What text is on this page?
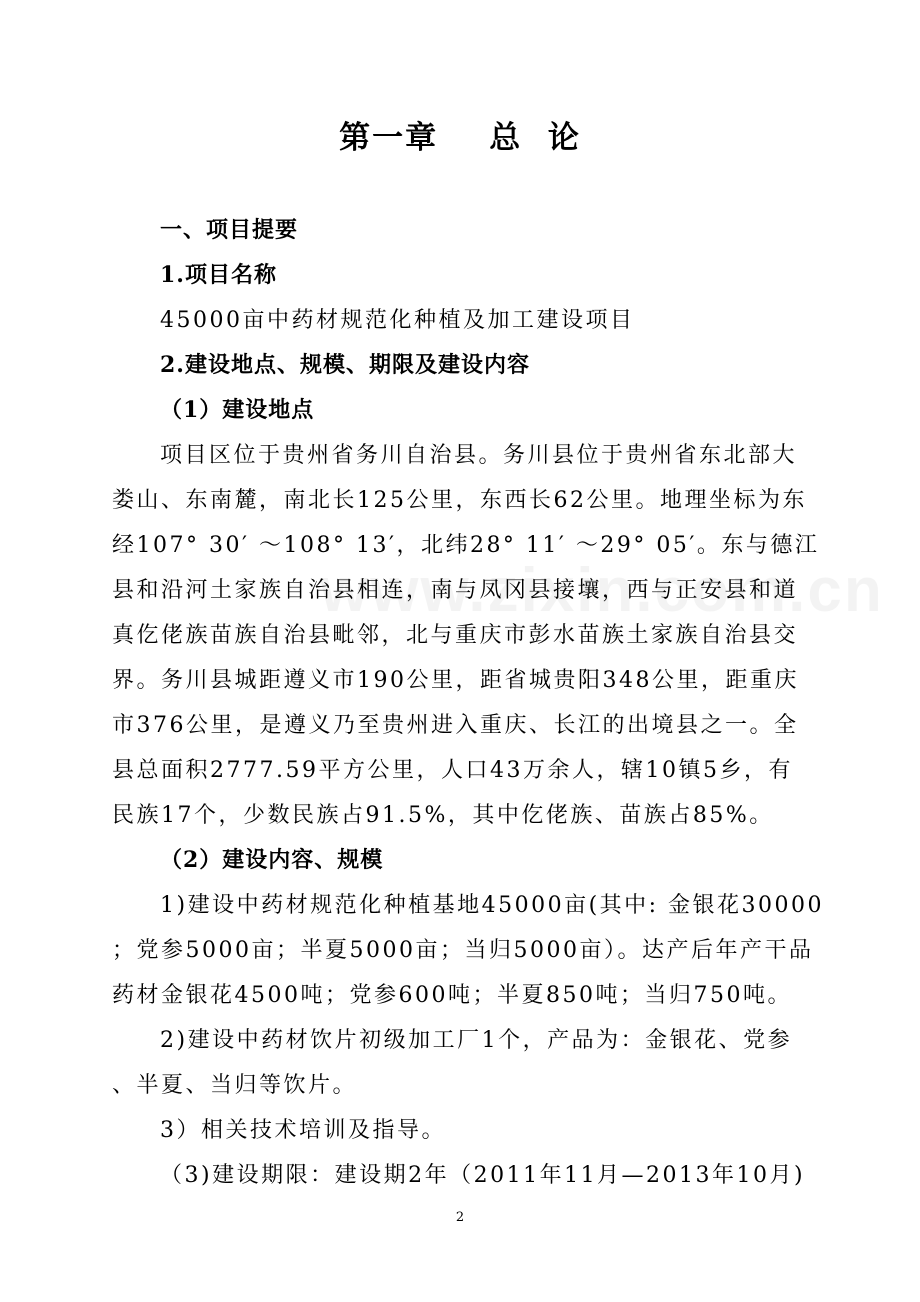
第一章    总  论
一、项目提要
1.项目名称
45000亩中药材规范化种植及加工建设项目
2.建设地点、规模、期限及建设内容
（1）建设地点
项目区位于贵州省务川自治县。务川县位于贵州省东北部大
娄山、东南麓，南北长125公里，东西长62公里。地理坐标为东
经107° 30′ ～108° 13′，北纬28° 11′ ～29° 05′。东与德江
县和沿河土家族自治县相连，南与凤冈县接壤，西与正安县和道
真仡佬族苗族自治县毗邻，北与重庆市彭水苗族土家族自治县交
界。务川县城距遵义市190公里，距省城贵阳348公里，距重庆
市376公里，是遵义乃至贵州进入重庆、长江的出境县之一。全
县总面积2777.59平方公里，人口43万余人，辖10镇5乡，有
民族17个，少数民族占91.5%，其中仡佬族、苗族占85%。
（2）建设内容、规模
1)建设中药材规范化种植基地45000亩(其中: 金银花30000
；党参5000亩；半夏5000亩；当归5000亩）。达产后年产干品
药材金银花4500吨；党参600吨；半夏850吨；当归750吨。
2)建设中药材饮片初级加工厂1个，产品为：金银花、党参
、半夏、当归等饮片。
3）相关技术培训及指导。
（3)建设期限：建设期2年（2011年11月—2013年10月)
2
